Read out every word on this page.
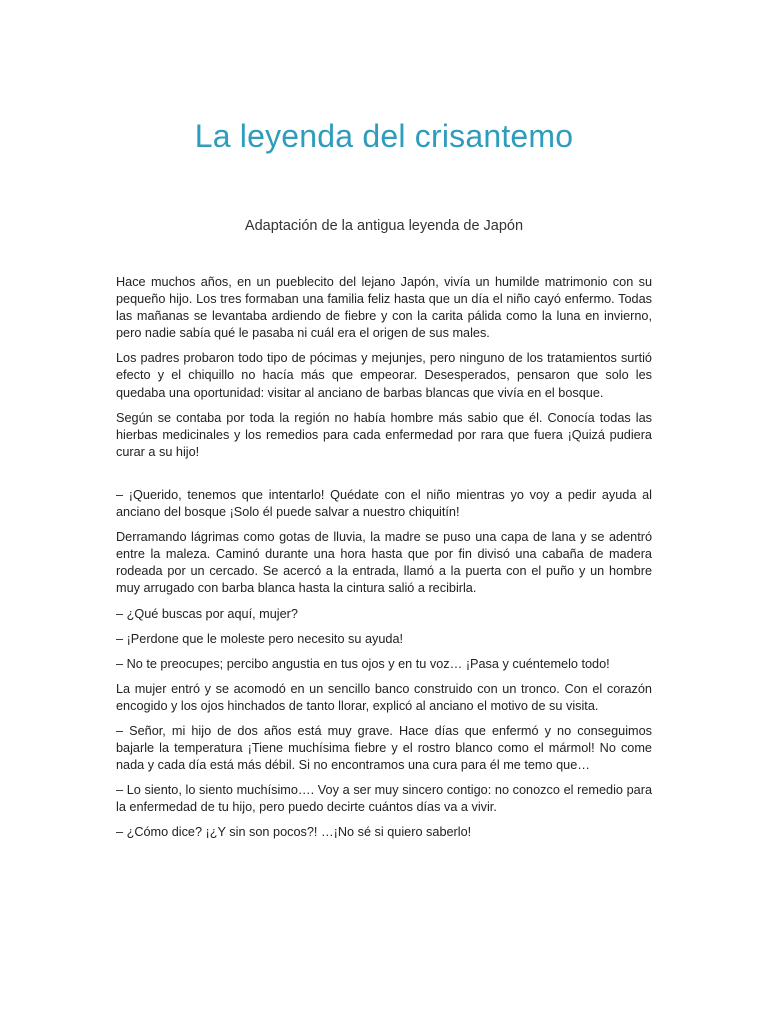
La leyenda del crisantemo

Adaptación de la antigua leyenda de Japón

Hace muchos años, en un pueblecito del lejano Japón, vivía un humilde matrimonio con su pequeño hijo. Los tres formaban una familia feliz hasta que un día el niño cayó enfermo. Todas las mañanas se levantaba ardiendo de fiebre y con la carita pálida como la luna en invierno, pero nadie sabía qué le pasaba ni cuál era el origen de sus males.

Los padres probaron todo tipo de pócimas y mejunjes, pero ninguno de los tratamientos surtió efecto y el chiquillo no hacía más que empeorar. Desesperados, pensaron que solo les quedaba una oportunidad: visitar al anciano de barbas blancas que vivía en el bosque.

Según se contaba por toda la región no había hombre más sabio que él. Conocía todas las hierbas medicinales y los remedios para cada enfermedad por rara que fuera ¡Quizá pudiera curar a su hijo!

– ¡Querido, tenemos que intentarlo! Quédate con el niño mientras yo voy a pedir ayuda al anciano del bosque ¡Solo él puede salvar a nuestro chiquitín!

Derramando lágrimas como gotas de lluvia, la madre se puso una capa de lana y se adentró entre la maleza. Caminó durante una hora hasta que por fin divisó una cabaña de madera rodeada por un cercado. Se acercó a la entrada, llamó a la puerta con el puño y un hombre muy arrugado con barba blanca hasta la cintura salió a recibirla.

– ¿Qué buscas por aquí, mujer?

– ¡Perdone que le moleste pero necesito su ayuda!

– No te preocupes; percibo angustia en tus ojos y en tu voz… ¡Pasa y cuéntemelo todo!

La mujer entró y se acomodó en un sencillo banco construido con un tronco. Con el corazón encogido y los ojos hinchados de tanto llorar, explicó al anciano el motivo de su visita.

– Señor, mi hijo de dos años está muy grave. Hace días que enfermó y no conseguimos bajarle la temperatura ¡Tiene muchísima fiebre y el rostro blanco como el mármol! No come nada y cada día está más débil. Si no encontramos una cura para él me temo que…

– Lo siento, lo siento muchísimo…. Voy a ser muy sincero contigo: no conozco el remedio para la enfermedad de tu hijo, pero puedo decirte cuántos días va a vivir.

– ¿Cómo dice? ¡¿Y sin son pocos?! …¡No sé si quiero saberlo!
